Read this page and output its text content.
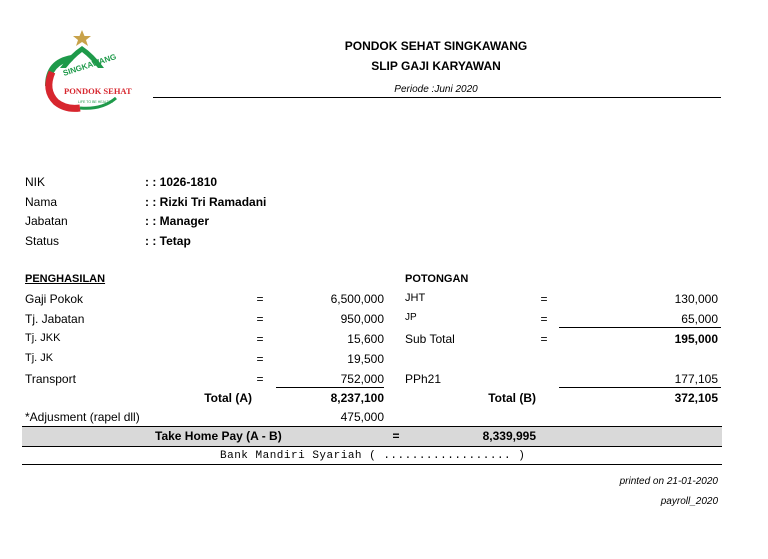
SINGKAWANG
PONDOK SEHAT
LIFE TO BE HEALTHY
PONDOK SEHAT SINGKAWANG
SLIP GAJI KARYAWAN
Periode :Juni 2020
NIK	: : 1026-1810
Nama	: : Rizki Tri Ramadani
Jabatan	: : Manager
Status	: : Tetap
PENGHASILAN
Gaji Pokok	=	6,500,000
Tj. Jabatan	=	950,000
Tj. JKK	=	15,600
Tj. JK	=	19,500
Transport	=	752,000
Total (A)	8,237,100
*Adjusment (rapel dll)	475,000
POTONGAN
JHT	=	130,000
JP	=	65,000
Sub Total	=	195,000
PPh21	177,105
Total (B)	372,105
Take Home Pay (A - B)	=	8,339,995
Bank Mandiri Syariah ( .................. )
printed on 21-01-2020
payroll_2020
